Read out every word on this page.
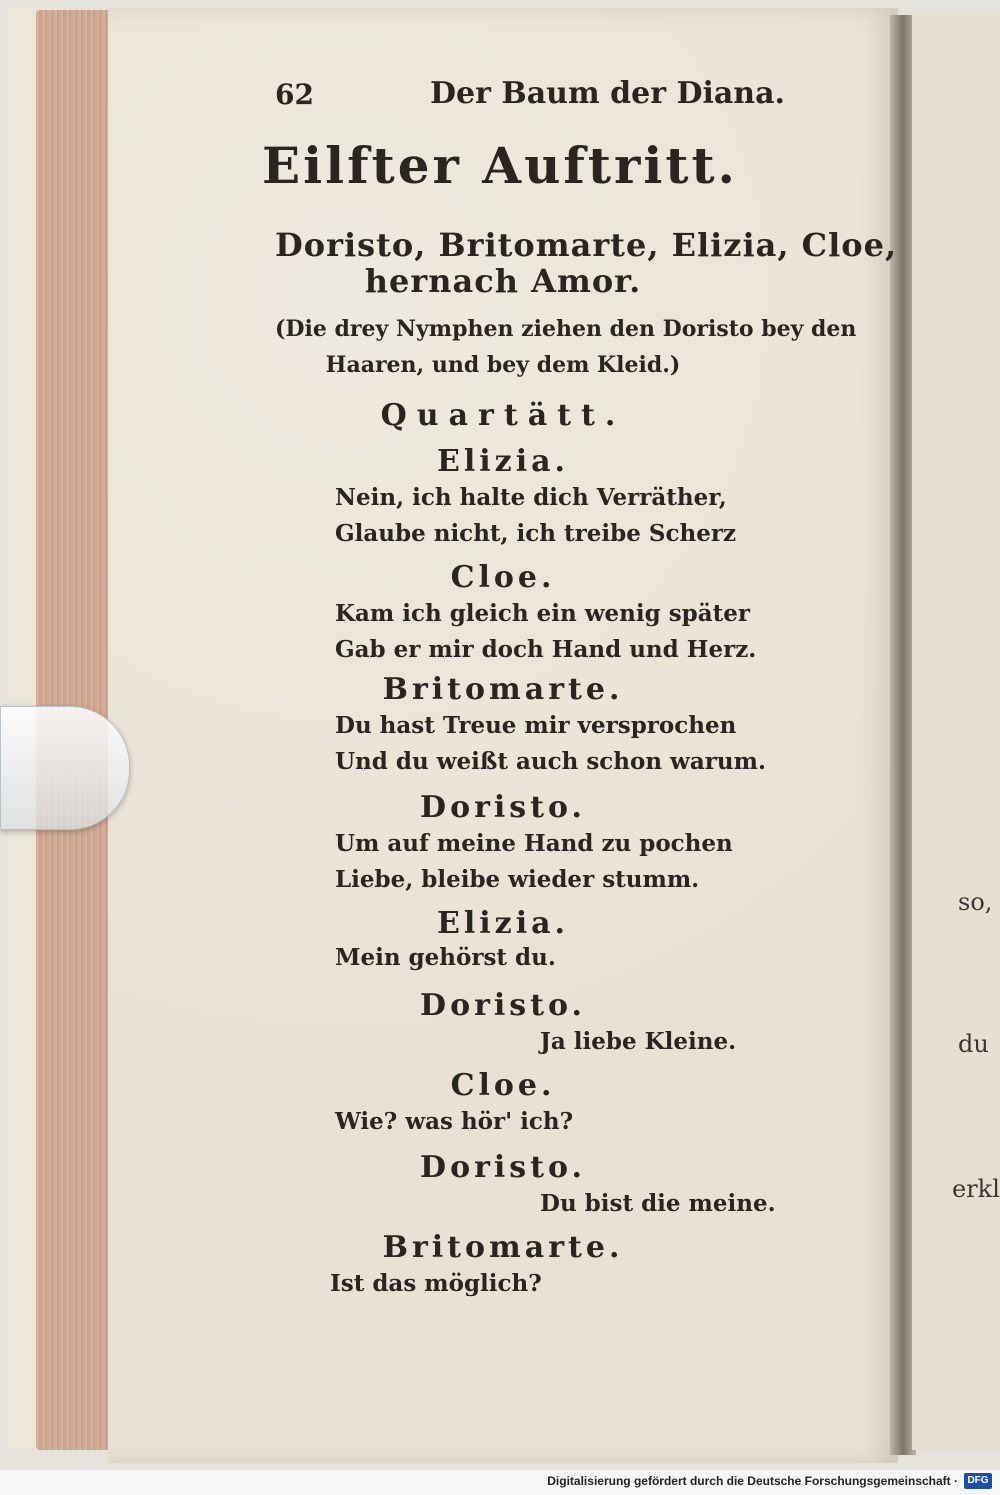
so,
du
erkl
62	Der Baum der Diana.
Eilfter Auftritt.
Doristo, Britomarte, Elizia, Cloe,
hernach Amor.
(Die drey Nymphen ziehen den Doristo bey den
Haaren, und bey dem Kleid.)
Quartätt.
Elizia.
Nein, ich halte dich Verräther,
Glaube nicht, ich treibe Scherz
Cloe.
Kam ich gleich ein wenig später
Gab er mir doch Hand und Herz.
Britomarte.
Du hast Treue mir versprochen
Und du weißt auch schon warum.
Doristo.
Um auf meine Hand zu pochen
Liebe, bleibe wieder stumm.
Elizia.
Mein gehörst du.
Doristo.
Ja liebe Kleine.
Cloe.
Wie? was hör' ich?
Doristo.
Du bist die meine.
Britomarte.
Ist das möglich?
Digitalisierung gefördert durch die Deutsche Forschungsgemeinschaft · DFG
